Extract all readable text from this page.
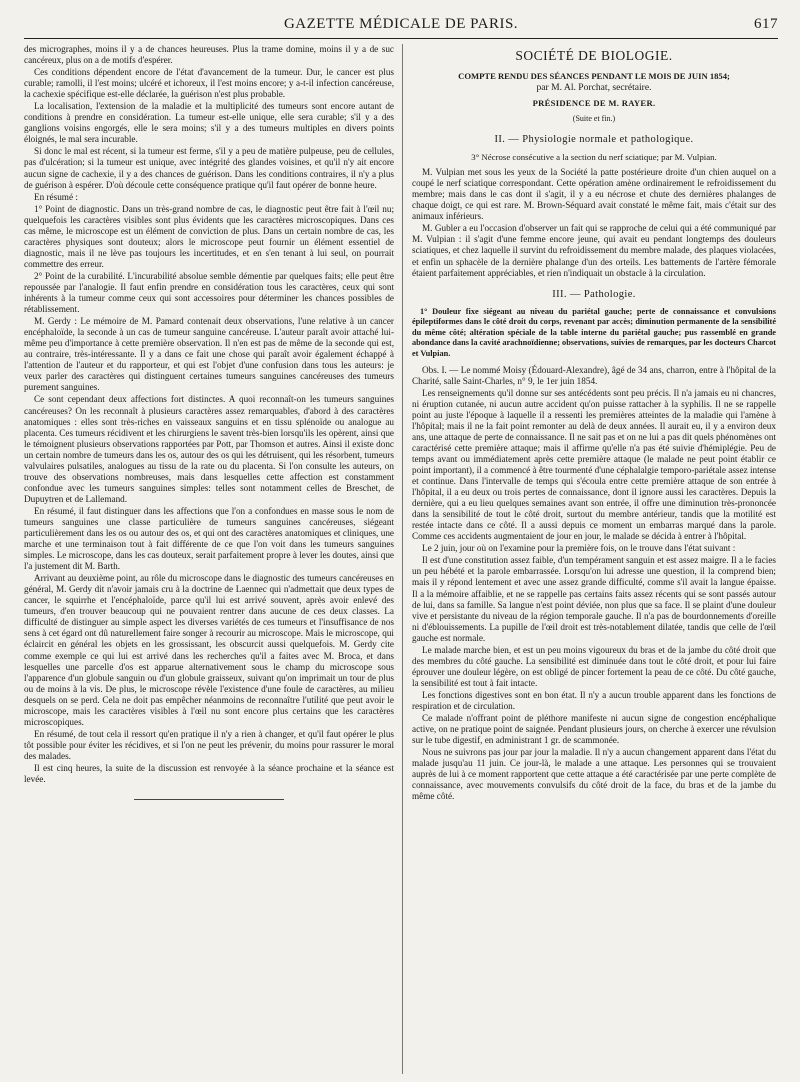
GAZETTE MÉDICALE DE PARIS.	617

des micrographes, moins il y a de chances heureuses. Plus la trame domine, moins il y a de suc cancéreux, plus on a de motifs d'espérer.

Ces conditions dépendent encore de l'état d'avancement de la tumeur. Dur, le cancer est plus curable; ramolli, il l'est moins; ulcéré et ichoreux, il l'est moins encore; y a-t-il infection cancéreuse, la cachexie spécifique est-elle déclarée, la guérison n'est plus probable.

La localisation, l'extension de la maladie et la multiplicité des tumeurs sont encore autant de conditions à prendre en considération. La tumeur est-elle unique, elle sera curable; s'il y a des ganglions voisins engorgés, elle le sera moins; s'il y a des tumeurs multiples en divers points éloignés, le mal sera incurable.

Si donc le mal est récent, si la tumeur est ferme, s'il y a peu de matière pulpeuse, peu de cellules, pas d'ulcération; si la tumeur est unique, avec intégrité des glandes voisines, et qu'il n'y ait encore aucun signe de cachexie, il y a des chances de guérison. Dans les conditions contraires, il n'y a plus de guérison à espérer. D'où découle cette conséquence pratique qu'il faut opérer de bonne heure.

En résumé :

1° Point de diagnostic. Dans un très-grand nombre de cas, le diagnostic peut être fait à l'œil nu; quelquefois les caractères visibles sont plus évidents que les caractères microscopiques. Dans ces cas même, le microscope est un élément de conviction de plus. Dans un certain nombre de cas, les caractères physiques sont douteux; alors le microscope peut fournir un élément essentiel de diagnostic, mais il ne lève pas toujours les incertitudes, et en s'en tenant à lui seul, on pourrait commettre des erreur.

2° Point de la curabilité. L'incurabilité absolue semble démentie par quelques faits; elle peut être repoussée par l'analogie. Il faut enfin prendre en considération tous les caractères, ceux qui sont inhérents à la tumeur comme ceux qui sont accessoires pour déterminer les chances possibles de rétablissement.

M. Gerdy : Le mémoire de M. Pamard contenait deux observations, l'une relative à un cancer encéphaloïde, la seconde à un cas de tumeur sanguine cancéreuse. L'auteur paraît avoir attaché lui-même peu d'importance à cette première observation. Il n'en est pas de même de la seconde qui est, au contraire, très-intéressante. Il y a dans ce fait une chose qui paraît avoir également échappé à l'attention de l'auteur et du rapporteur, et qui est l'objet d'une confusion dans tous les auteurs: je veux parler des caractères qui distinguent certaines tumeurs sanguines cancéreuses des tumeurs purement sanguines.

Ce sont cependant deux affections fort distinctes. A quoi reconnaît-on les tumeurs sanguines cancéreuses? On les reconnaît à plusieurs caractères assez remarquables, d'abord à des caractères anatomiques : elles sont très-riches en vaisseaux sanguins et en tissu splénoïde ou analogue au placenta. Ces tumeurs récidivent et les chirurgiens le savent très-bien lorsqu'ils les opèrent, ainsi que le témoignent plusieurs observations rapportées par Pott, par Thomson et autres. Ainsi il existe donc un certain nombre de tumeurs dans les os, autour des os qui les détruisent, qui les résorbent, tumeurs valvulaires pulsatiles, analogues au tissu de la rate ou du placenta. Si l'on consulte les auteurs, on trouve des observations nombreuses, mais dans lesquelles cette affection est constamment confondue avec les tumeurs sanguines simples: telles sont notamment celles de Breschet, de Dupuytren et de Lallemand.

En résumé, il faut distinguer dans les affections que l'on a confondues en masse sous le nom de tumeurs sanguines une classe particulière de tumeurs sanguines cancéreuses, siégeant particulièrement dans les os ou autour des os, et qui ont des caractères anatomiques et cliniques, une marche et une terminaison tout à fait différente de ce que l'on voit dans les tumeurs sanguines simples. Le microscope, dans les cas douteux, serait parfaitement propre à lever les doutes, ainsi que l'a justement dit M. Barth.

Arrivant au deuxième point, au rôle du microscope dans le diagnostic des tumeurs cancéreuses en général, M. Gerdy dit n'avoir jamais cru à la doctrine de Laennec qui n'admettait que deux types de cancer, le squirrhe et l'encéphaloïde, parce qu'il lui est arrivé souvent, après avoir enlevé des tumeurs, d'en trouver beaucoup qui ne pouvaient rentrer dans aucune de ces deux classes. La difficulté de distinguer au simple aspect les diverses variétés de ces tumeurs et l'insuffisance de nos sens à cet égard ont dû naturellement faire songer à recourir au microscope. Mais le microscope, qui éclaircit en général les objets en les grossissant, les obscurcit aussi quelquefois. M. Gerdy cite comme exemple ce qui lui est arrivé dans les recherches qu'il a faites avec M. Broca, et dans lesquelles une parcelle d'os est apparue alternativement sous le champ du microscope sous l'apparence d'un globule sanguin ou d'un globule graisseux, suivant qu'on imprimait un tour de plus ou de moins à la vis. De plus, le microscope révèle l'existence d'une foule de caractères, au milieu desquels on se perd. Cela ne doit pas empêcher néanmoins de reconnaître l'utilité que peut avoir le microscope, mais les caractères visibles à l'œil nu sont encore plus certains que les caractères microscopiques.

En résumé, de tout cela il ressort qu'en pratique il n'y a rien à changer, et qu'il faut opérer le plus tôt possible pour éviter les récidives, et si l'on ne peut les prévenir, du moins pour rassurer le moral des malades.

Il est cinq heures, la suite de la discussion est renvoyée à la séance prochaine et la séance est levée.

SOCIÉTÉ DE BIOLOGIE.
COMPTE RENDU DES SÉANCES PENDANT LE MOIS DE JUIN 1854;
par M. Al. Porchat, secrétaire.
PRÉSIDENCE DE M. RAYER.
(Suite et fin.)
II. — Physiologie normale et pathologique.

3° Nécrose consécutive a la section du nerf sciatique; par M. Vulpian.

M. Vulpian met sous les yeux de la Société la patte postérieure droite d'un chien auquel on a coupé le nerf sciatique correspondant. Cette opération amène ordinairement le refroidissement du membre; mais dans le cas dont il s'agit, il y a eu nécrose et chute des dernières phalanges de chaque doigt, ce qui est rare. M. Brown-Séquard avait constaté le même fait, mais c'était sur des animaux inférieurs.

M. Gubler a eu l'occasion d'observer un fait qui se rapproche de celui qui a été communiqué par M. Vulpian : il s'agit d'une femme encore jeune, qui avait eu pendant longtemps des douleurs sciatiques, et chez laquelle il survint du refroidissement du membre malade, des plaques violacées, et enfin un sphacèle de la dernière phalange d'un des orteils. Les battements de l'artère fémorale étaient parfaitement appréciables, et rien n'indiquait un obstacle à la circulation.

III. — Pathologie.

1° Douleur fixe siégeant au niveau du pariétal gauche; perte de connaissance et convulsions épileptiformes dans le côté droit du corps, revenant par accès; diminution permanente de la sensibilité du même côté; altération spéciale de la table interne du pariétal gauche; pus rassemblé en grande abondance dans la cavité arachnoïdienne; observations, suivies de remarques, par les docteurs Charcot et Vulpian.

Obs. I. — Le nommé Moisy (Édouard-Alexandre), âgé de 34 ans, charron, entre à l'hôpital de la Charité, salle Saint-Charles, n° 9, le 1er juin 1854.

Les renseignements qu'il donne sur ses antécédents sont peu précis. Il n'a jamais eu ni chancres, ni éruption cutanée, ni aucun autre accident qu'on puisse rattacher à la syphilis. Il ne se rappelle point au juste l'époque à laquelle il a ressenti les premières atteintes de la maladie qui l'amène à l'hôpital; mais il ne la fait point remonter au delà de deux années. Il aurait eu, il y a environ deux ans, une attaque de perte de connaissance. Il ne sait pas et on ne lui a pas dit quels phénomènes ont caractérisé cette première attaque; mais il affirme qu'elle n'a pas été suivie d'hémiplégie. Peu de temps avant ou immédiatement après cette première attaque (le malade ne peut point établir ce point important), il a commencé à être tourmenté d'une céphalalgie temporo-pariétale assez intense et continue. Dans l'intervalle de temps qui s'écoula entre cette première attaque de son entrée à l'hôpital, il a eu deux ou trois pertes de connaissance, dont il ignore aussi les caractères. Depuis la dernière, qui a eu lieu quelques semaines avant son entrée, il offre une diminution très-prononcée dans la sensibilité de tout le côté droit, surtout du membre antérieur, tandis que la motilité est restée intacte dans ce côté. Il a aussi depuis ce moment un embarras marqué dans la parole. Comme ces accidents augmentaient de jour en jour, le malade se décida à entrer à l'hôpital.

Le 2 juin, jour où on l'examine pour la première fois, on le trouve dans l'état suivant :

Il est d'une constitution assez faible, d'un tempérament sanguin et est assez maigre. Il a le facies un peu hébété et la parole embarrassée. Lorsqu'on lui adresse une question, il la comprend bien; mais il y répond lentement et avec une assez grande difficulté, comme s'il avait la langue épaisse. Il a la mémoire affaiblie, et ne se rappelle pas certains faits assez récents qui se sont passés autour de lui, dans sa famille. Sa langue n'est point déviée, non plus que sa face. Il se plaint d'une douleur vive et persistante du niveau de la région temporale gauche. Il n'a pas de bourdonnements d'oreille ni d'éblouissements. La pupille de l'œil droit est très-notablement dilatée, tandis que celle de l'œil gauche est normale.

Le malade marche bien, et est un peu moins vigoureux du bras et de la jambe du côté droit que des membres du côté gauche. La sensibilité est diminuée dans tout le côté droit, et pour lui faire éprouver une douleur légère, on est obligé de pincer fortement la peau de ce côté. Du côté gauche, la sensibilité est tout à fait intacte.

Les fonctions digestives sont en bon état. Il n'y a aucun trouble apparent dans les fonctions de respiration et de circulation.

Ce malade n'offrant point de pléthore manifeste ni aucun signe de congestion encéphalique active, on ne pratique point de saignée. Pendant plusieurs jours, on cherche à exercer une révulsion sur le tube digestif, en administrant 1 gr. de scammonée.

Nous ne suivrons pas jour par jour la maladie. Il n'y a aucun changement apparent dans l'état du malade jusqu'au 11 juin. Ce jour-là, le malade a une attaque. Les personnes qui se trouvaient auprès de lui à ce moment rapportent que cette attaque a été caractérisée par une perte complète de connaissance, avec mouvements convulsifs du côté droit de la face, du bras et de la jambe du même côté.
